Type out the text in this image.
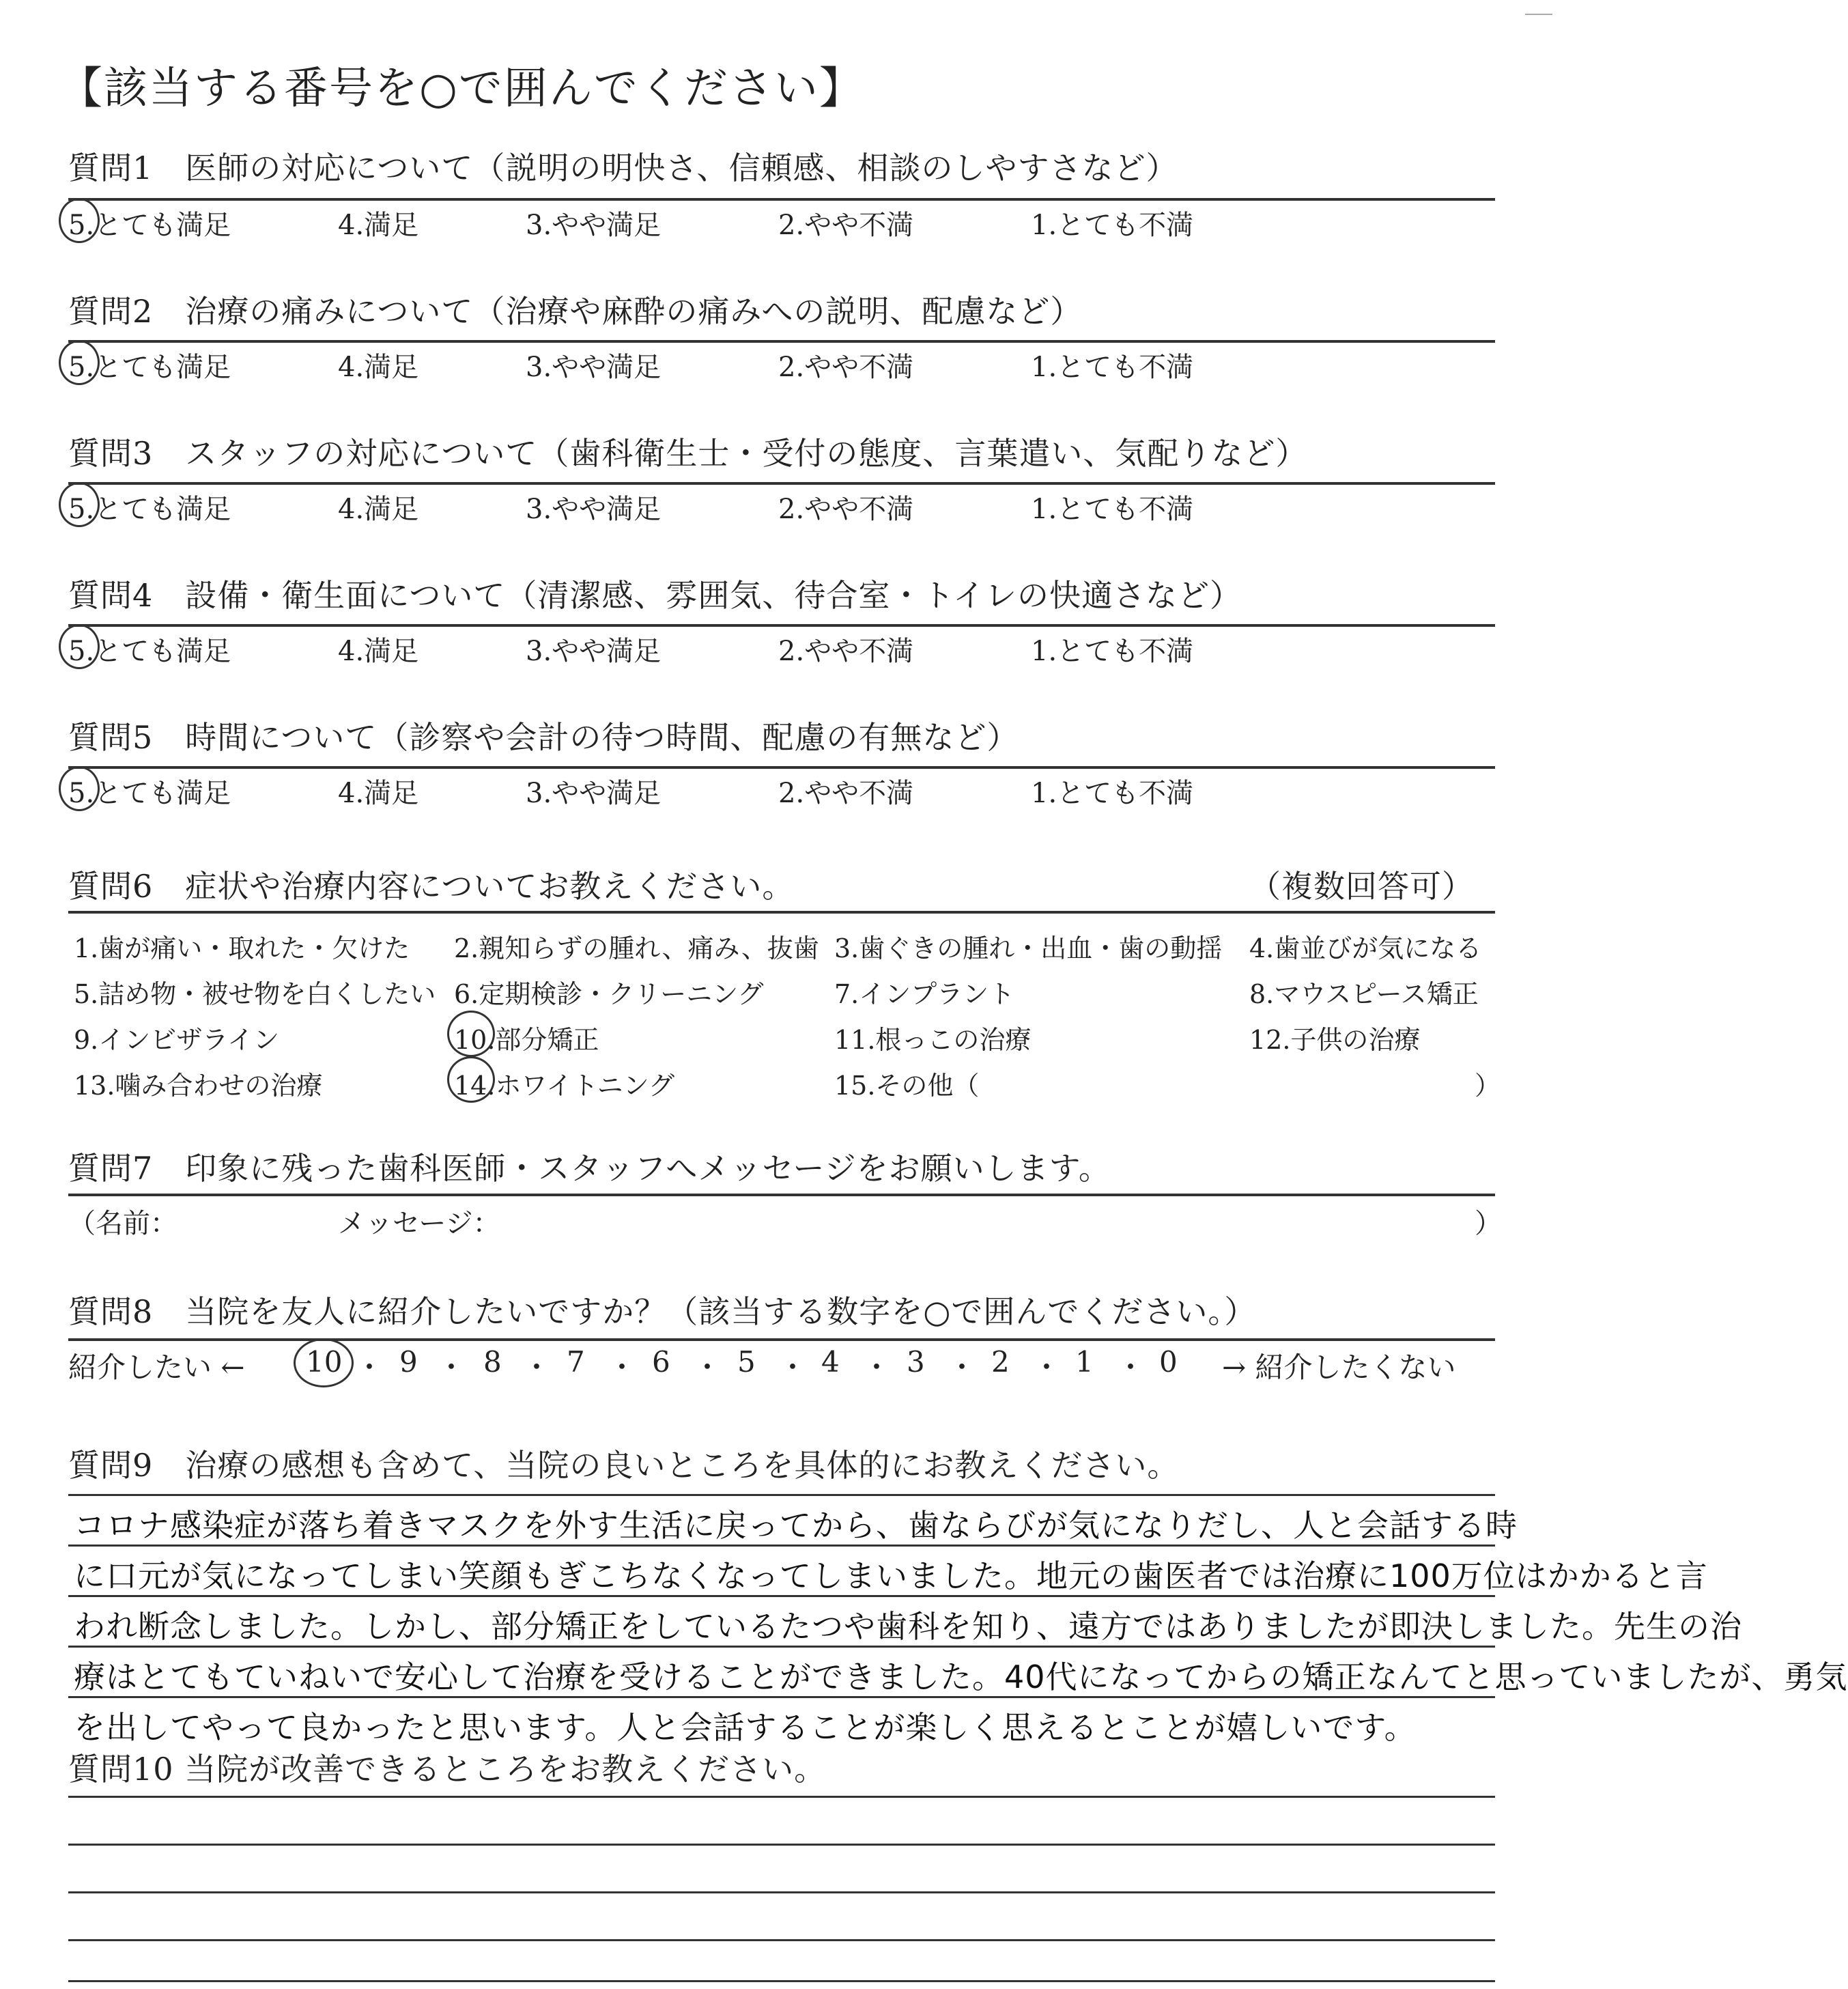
【該当する番号を○で囲んでください】
質問1　医師の対応について（説明の明快さ、信頼感、相談のしやすさなど）
5.とても満足	4.満足	3.やや満足	2.やや不満	1.とても不満
質問2　治療の痛みについて（治療や麻酔の痛みへの説明、配慮など）
5.とても満足	4.満足	3.やや満足	2.やや不満	1.とても不満
質問3　スタッフの対応について（歯科衛生士・受付の態度、言葉遣い、気配りなど）
5.とても満足	4.満足	3.やや満足	2.やや不満	1.とても不満
質問4　設備・衛生面について（清潔感、雰囲気、待合室・トイレの快適さなど）
5.とても満足	4.満足	3.やや満足	2.やや不満	1.とても不満
質問5　時間について（診察や会計の待つ時間、配慮の有無など）
5.とても満足	4.満足	3.やや満足	2.やや不満	1.とても不満
質問6　症状や治療内容についてお教えください。	（複数回答可）
1.歯が痛い・取れた・欠けた 2.親知らずの腫れ、痛み、抜歯 3.歯ぐきの腫れ・出血・歯の動揺 4.歯並びが気になる
5.詰め物・被せ物を白くしたい 6.定期検診・クリーニング	7.インプラント	8.マウスピース矯正
9.インビザライン	10.部分矯正	11.根っこの治療	12.子供の治療
13.噛み合わせの治療	14.ホワイトニング	15.その他（	）
質問7　印象に残った歯科医師・スタッフへメッセージをお願いします。
（名前：	メッセージ：	）
質問8　当院を友人に紹介したいですか？（該当する数字を○で囲んでください。）
紹介したい ← 10 ・ 9 ・ 8 ・ 7 ・ 6 ・ 5 ・ 4 ・ 3 ・ 2 ・ 1 ・ 0 → 紹介したくない
質問9　治療の感想も含めて、当院の良いところを具体的にお教えください。
コロナ感染症が落ち着きマスクを外す生活に戻ってから、歯ならびが気になりだし、人と会話する時
に口元が気になってしまい笑顔もぎこちなくなってしまいました。地元の歯医者では治療に100万位はかかると言
われ断念しました。しかし、部分矯正をしているたつや歯科を知り、遠方ではありましたが即決しました。先生の治
療はとてもていねいで安心して治療を受けることができました。40代になってからの矯正なんてと思っていましたが、勇気
を出してやって良かったと思います。人と会話することが楽しく思えるとことが嬉しいです。
質問10 当院が改善できるところをお教えください。
